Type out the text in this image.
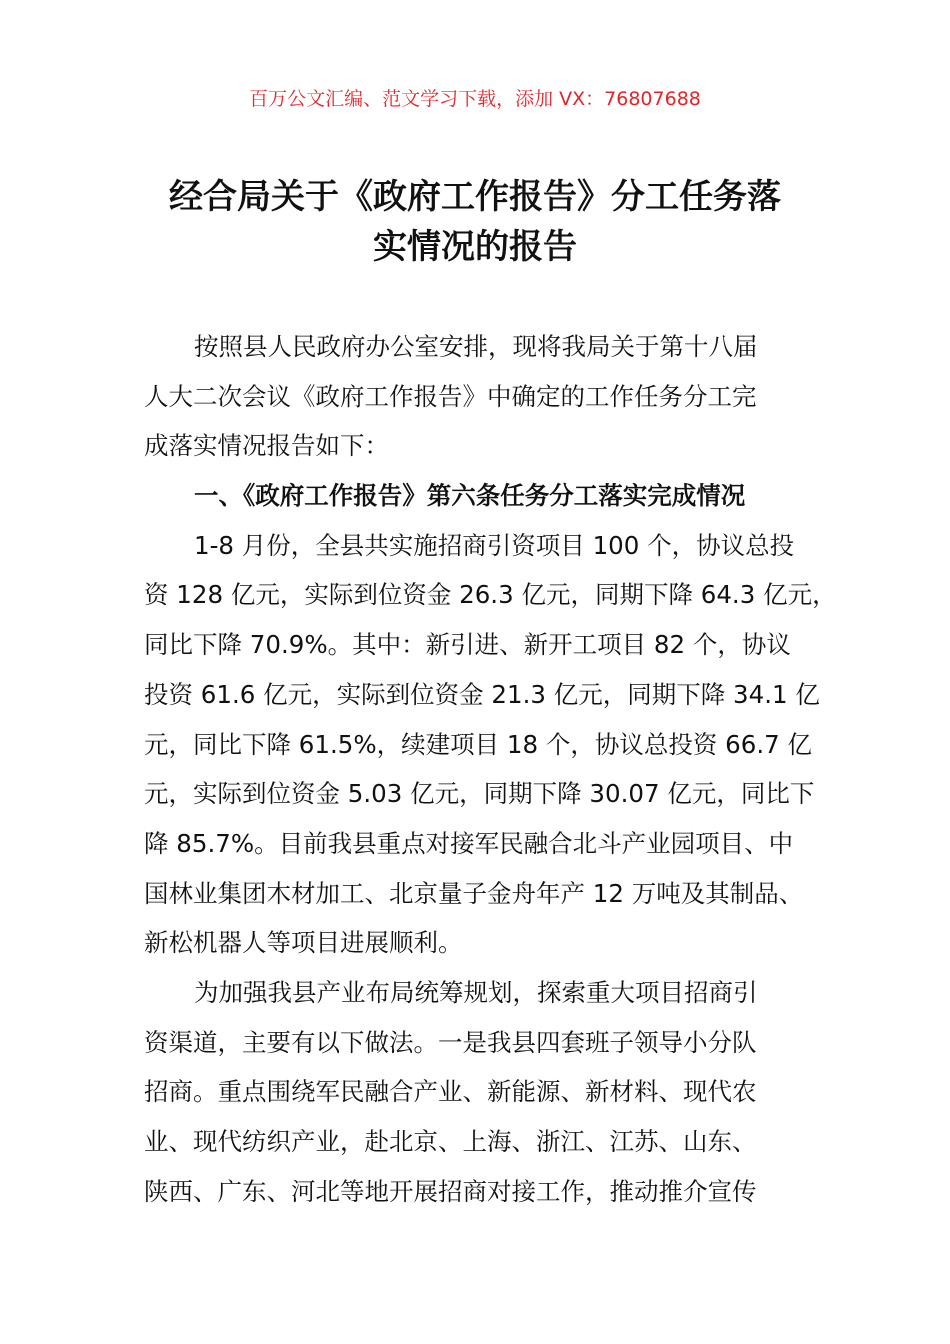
百万公文汇编、范文学习下载，添加 VX：76807688
经合局关于《政府工作报告》分工任务落
实情况的报告
按照县人民政府办公室安排，现将我局关于第十八届
人大二次会议《政府工作报告》中确定的工作任务分工完
成落实情况报告如下：
一、《政府工作报告》第六条任务分工落实完成情况
1-8 月份，全县共实施招商引资项目 100 个，协议总投
资 128 亿元，实际到位资金 26.3 亿元，同期下降 64.3 亿元，
同比下降 70.9%。其中：新引进、新开工项目 82 个，协议
投资 61.6 亿元，实际到位资金 21.3 亿元，同期下降 34.1 亿
元，同比下降 61.5%，续建项目 18 个，协议总投资 66.7 亿
元，实际到位资金 5.03 亿元，同期下降 30.07 亿元，同比下
降 85.7%。目前我县重点对接军民融合北斗产业园项目、中
国林业集团木材加工、北京量子金舟年产 12 万吨及其制品、
新松机器人等项目进展顺利。
为加强我县产业布局统筹规划，探索重大项目招商引
资渠道，主要有以下做法。一是我县四套班子领导小分队
招商。重点围绕军民融合产业、新能源、新材料、现代农
业、现代纺织产业，赴北京、上海、浙江、江苏、山东、
陕西、广东、河北等地开展招商对接工作，推动推介宣传
